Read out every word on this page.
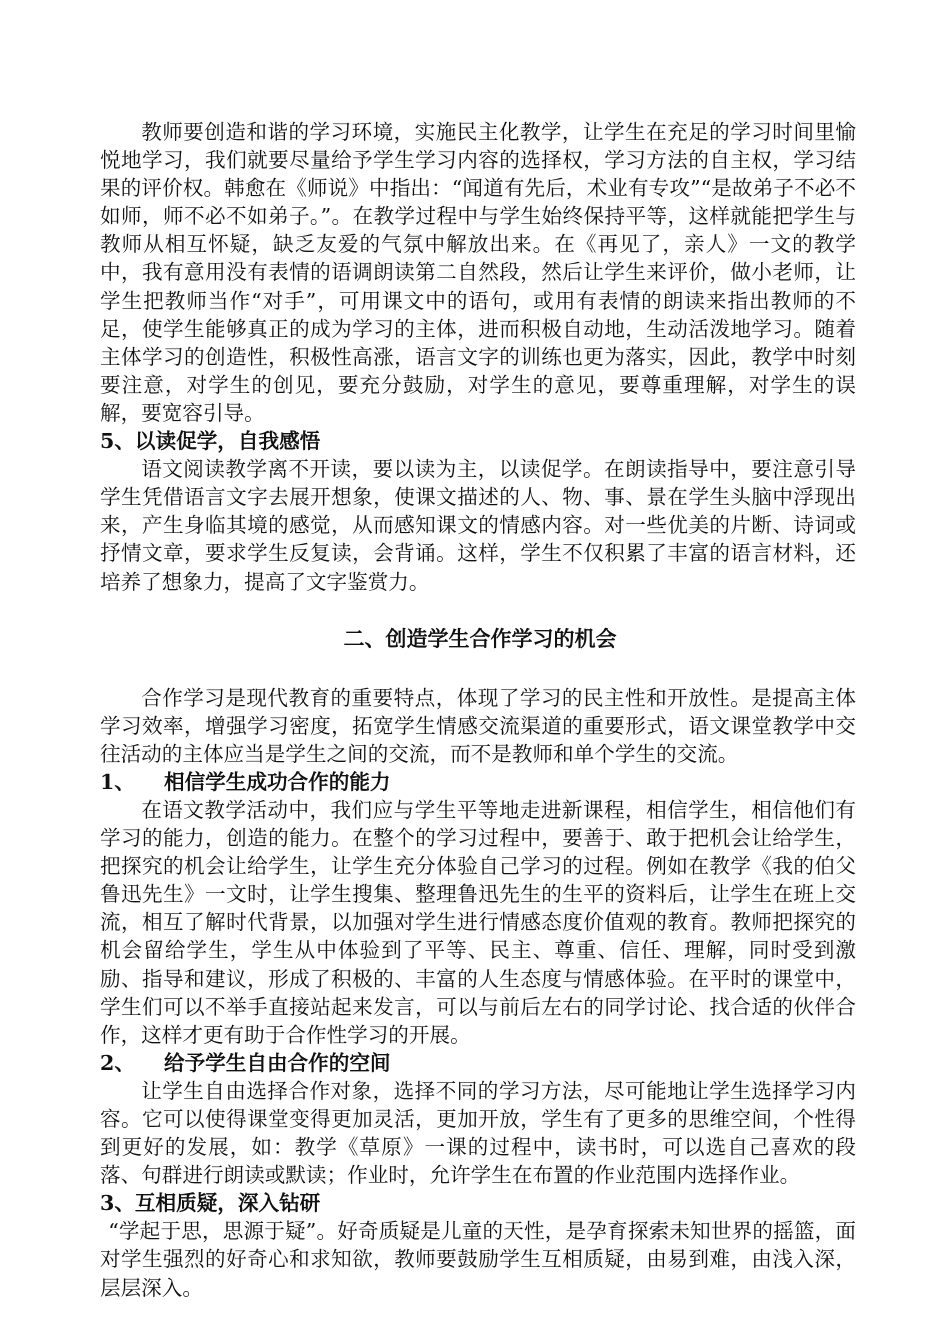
教师要创造和谐的学习环境，实施民主化教学，让学生在充足的学习时间里愉悦地学习，我们就要尽量给予学生学习内容的选择权，学习方法的自主权，学习结果的评价权。韩愈在《师说》中指出：“闻道有先后，术业有专攻”“是故弟子不必不如师，师不必不如弟子。”。在教学过程中与学生始终保持平等，这样就能把学生与教师从相互怀疑，缺乏友爱的气氛中解放出来。在《再见了，亲人》一文的教学中，我有意用没有表情的语调朗读第二自然段，然后让学生来评价，做小老师，让学生把教师当作“对手”，可用课文中的语句，或用有表情的朗读来指出教师的不足，使学生能够真正的成为学习的主体，进而积极自动地，生动活泼地学习。随着主体学习的创造性，积极性高涨，语言文字的训练也更为落实，因此，教学中时刻要注意，对学生的创见，要充分鼓励，对学生的意见，要尊重理解，对学生的误解，要宽容引导。

5、以读促学，自我感悟

语文阅读教学离不开读，要以读为主，以读促学。在朗读指导中，要注意引导学生凭借语言文字去展开想象，使课文描述的人、物、事、景在学生头脑中浮现出来，产生身临其境的感觉，从而感知课文的情感内容。对一些优美的片断、诗词或抒情文章，要求学生反复读，会背诵。这样，学生不仅积累了丰富的语言材料，还培养了想象力，提高了文字鉴赏力。

二、创造学生合作学习的机会

合作学习是现代教育的重要特点，体现了学习的民主性和开放性。是提高主体学习效率，增强学习密度，拓宽学生情感交流渠道的重要形式，语文课堂教学中交往活动的主体应当是学生之间的交流，而不是教师和单个学生的交流。

1、 相信学生成功合作的能力

在语文教学活动中，我们应与学生平等地走进新课程，相信学生，相信他们有学习的能力，创造的能力。在整个的学习过程中，要善于、敢于把机会让给学生，把探究的机会让给学生，让学生充分体验自己学习的过程。例如在教学《我的伯父鲁迅先生》一文时，让学生搜集、整理鲁迅先生的生平的资料后，让学生在班上交流，相互了解时代背景，以加强对学生进行情感态度价值观的教育。教师把探究的机会留给学生，学生从中体验到了平等、民主、尊重、信任、理解，同时受到激励、指导和建议，形成了积极的、丰富的人生态度与情感体验。在平时的课堂中，学生们可以不举手直接站起来发言，可以与前后左右的同学讨论、找合适的伙伴合作，这样才更有助于合作性学习的开展。

2、 给予学生自由合作的空间

让学生自由选择合作对象，选择不同的学习方法，尽可能地让学生选择学习内容。它可以使得课堂变得更加灵活，更加开放，学生有了更多的思维空间，个性得到更好的发展，如：教学《草原》一课的过程中，读书时，可以选自己喜欢的段落、句群进行朗读或默读；作业时，允许学生在布置的作业范围内选择作业。

3、互相质疑，深入钻研

“学起于思，思源于疑”。好奇质疑是儿童的天性，是孕育探索未知世界的摇篮，面对学生强烈的好奇心和求知欲，教师要鼓励学生互相质疑，由易到难，由浅入深，层层深入。
